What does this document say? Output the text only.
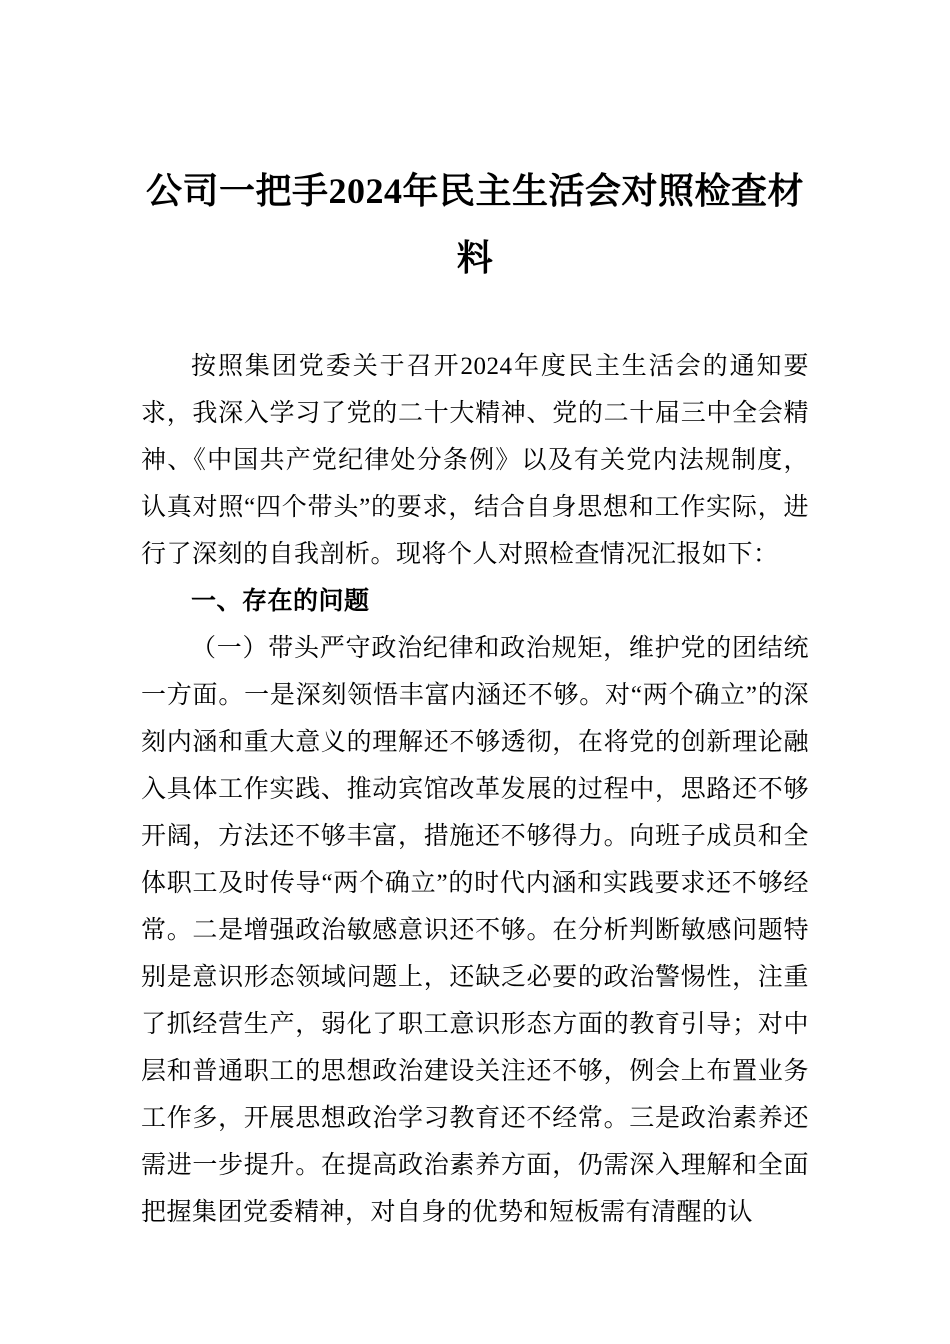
公司一把手2024年民主生活会对照检查材料

按照集团党委关于召开2024年度民主生活会的通知要求，我深入学习了党的二十大精神、党的二十届三中全会精神、《中国共产党纪律处分条例》以及有关党内法规制度，认真对照“四个带头”的要求，结合自身思想和工作实际，进行了深刻的自我剖析。现将个人对照检查情况汇报如下：

一、存在的问题

（一）带头严守政治纪律和政治规矩，维护党的团结统一方面。一是深刻领悟丰富内涵还不够。对“两个确立”的深刻内涵和重大意义的理解还不够透彻，在将党的创新理论融入具体工作实践、推动宾馆改革发展的过程中，思路还不够开阔，方法还不够丰富，措施还不够得力。向班子成员和全体职工及时传导“两个确立”的时代内涵和实践要求还不够经常。二是增强政治敏感意识还不够。在分析判断敏感问题特别是意识形态领域问题上，还缺乏必要的政治警惕性，注重了抓经营生产，弱化了职工意识形态方面的教育引导；对中层和普通职工的思想政治建设关注还不够，例会上布置业务工作多，开展思想政治学习教育还不经常。三是政治素养还需进一步提升。在提高政治素养方面，仍需深入理解和全面把握集团党委精神，对自身的优势和短板需有清醒的认
